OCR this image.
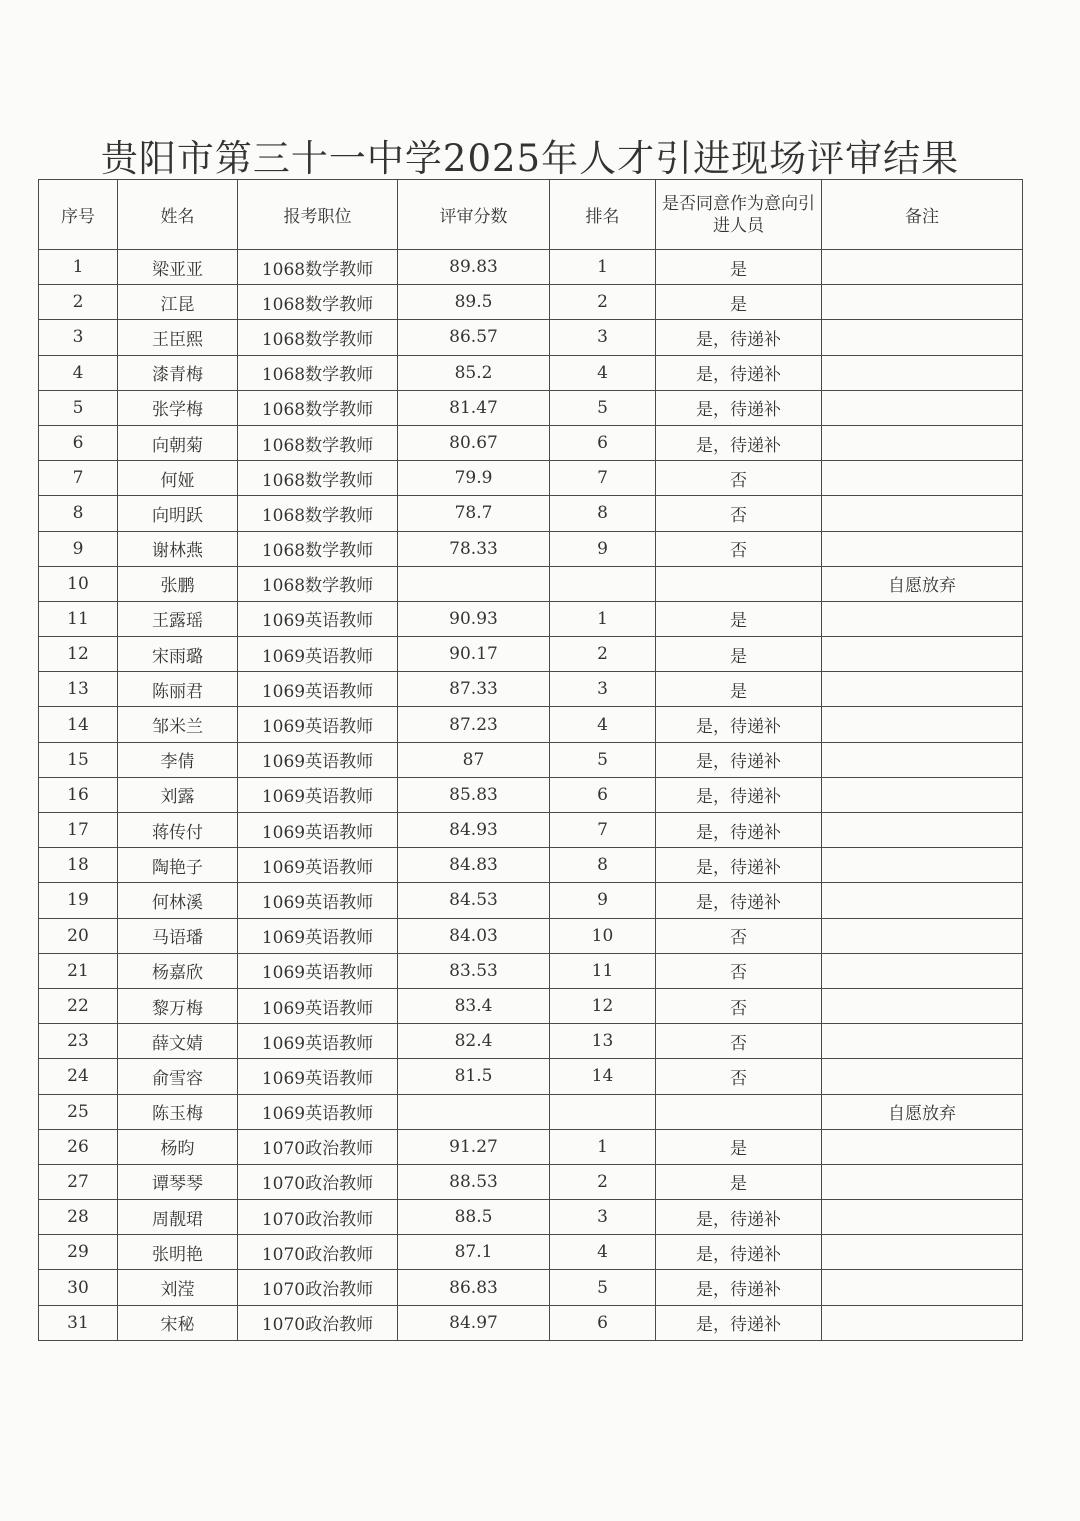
贵阳市第三十一中学2025年人才引进现场评审结果
序号	姓名	报考职位	评审分数	排名	是否同意作为意向引进人员	备注
1	梁亚亚	1068数学教师	89.83	1	是	
2	江昆	1068数学教师	89.5	2	是	
3	王臣熙	1068数学教师	86.57	3	是，待递补	
4	漆青梅	1068数学教师	85.2	4	是，待递补	
5	张学梅	1068数学教师	81.47	5	是，待递补	
6	向朝菊	1068数学教师	80.67	6	是，待递补	
7	何娅	1068数学教师	79.9	7	否	
8	向明跃	1068数学教师	78.7	8	否	
9	谢林燕	1068数学教师	78.33	9	否	
10	张鹏	1068数学教师				自愿放弃
11	王露瑶	1069英语教师	90.93	1	是	
12	宋雨璐	1069英语教师	90.17	2	是	
13	陈丽君	1069英语教师	87.33	3	是	
14	邹米兰	1069英语教师	87.23	4	是，待递补	
15	李倩	1069英语教师	87	5	是，待递补	
16	刘露	1069英语教师	85.83	6	是，待递补	
17	蒋传付	1069英语教师	84.93	7	是，待递补	
18	陶艳子	1069英语教师	84.83	8	是，待递补	
19	何林溪	1069英语教师	84.53	9	是，待递补	
20	马语璠	1069英语教师	84.03	10	否	
21	杨嘉欣	1069英语教师	83.53	11	否	
22	黎万梅	1069英语教师	83.4	12	否	
23	薛文婧	1069英语教师	82.4	13	否	
24	俞雪容	1069英语教师	81.5	14	否	
25	陈玉梅	1069英语教师				自愿放弃
26	杨昀	1070政治教师	91.27	1	是	
27	谭琴琴	1070政治教师	88.53	2	是	
28	周靓珺	1070政治教师	88.5	3	是，待递补	
29	张明艳	1070政治教师	87.1	4	是，待递补	
30	刘滢	1070政治教师	86.83	5	是，待递补	
31	宋秘	1070政治教师	84.97	6	是，待递补	
